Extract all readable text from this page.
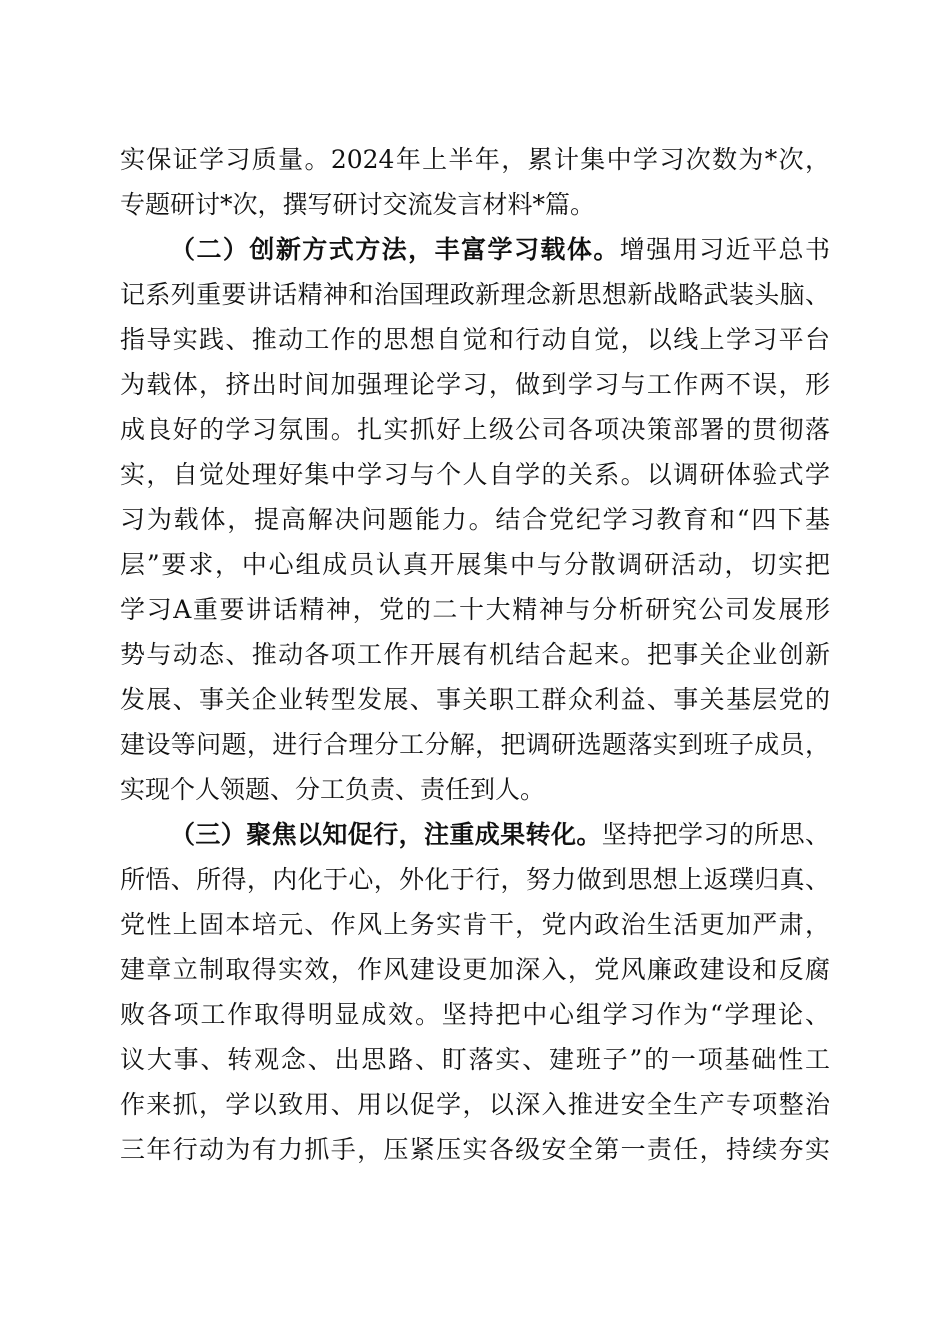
实保证学习质量。2024年上半年，累计集中学习次数为*次，
专题研讨*次，撰写研讨交流发言材料*篇。
（二）创新方式方法，丰富学习载体。增强用习近平总书
记系列重要讲话精神和治国理政新理念新思想新战略武装头脑、
指导实践、推动工作的思想自觉和行动自觉，以线上学习平台
为载体，挤出时间加强理论学习，做到学习与工作两不误，形
成良好的学习氛围。扎实抓好上级公司各项决策部署的贯彻落
实，自觉处理好集中学习与个人自学的关系。以调研体验式学
习为载体，提高解决问题能力。结合党纪学习教育和“四下基
层”要求，中心组成员认真开展集中与分散调研活动，切实把
学习A重要讲话精神，党的二十大精神与分析研究公司发展形
势与动态、推动各项工作开展有机结合起来。把事关企业创新
发展、事关企业转型发展、事关职工群众利益、事关基层党的
建设等问题，进行合理分工分解，把调研选题落实到班子成员，
实现个人领题、分工负责、责任到人。
（三）聚焦以知促行，注重成果转化。坚持把学习的所思、
所悟、所得，内化于心，外化于行，努力做到思想上返璞归真、
党性上固本培元、作风上务实肯干，党内政治生活更加严肃，
建章立制取得实效，作风建设更加深入，党风廉政建设和反腐
败各项工作取得明显成效。坚持把中心组学习作为“学理论、
议大事、转观念、出思路、盯落实、建班子”的一项基础性工
作来抓，学以致用、用以促学，以深入推进安全生产专项整治
三年行动为有力抓手，压紧压实各级安全第一责任，持续夯实
